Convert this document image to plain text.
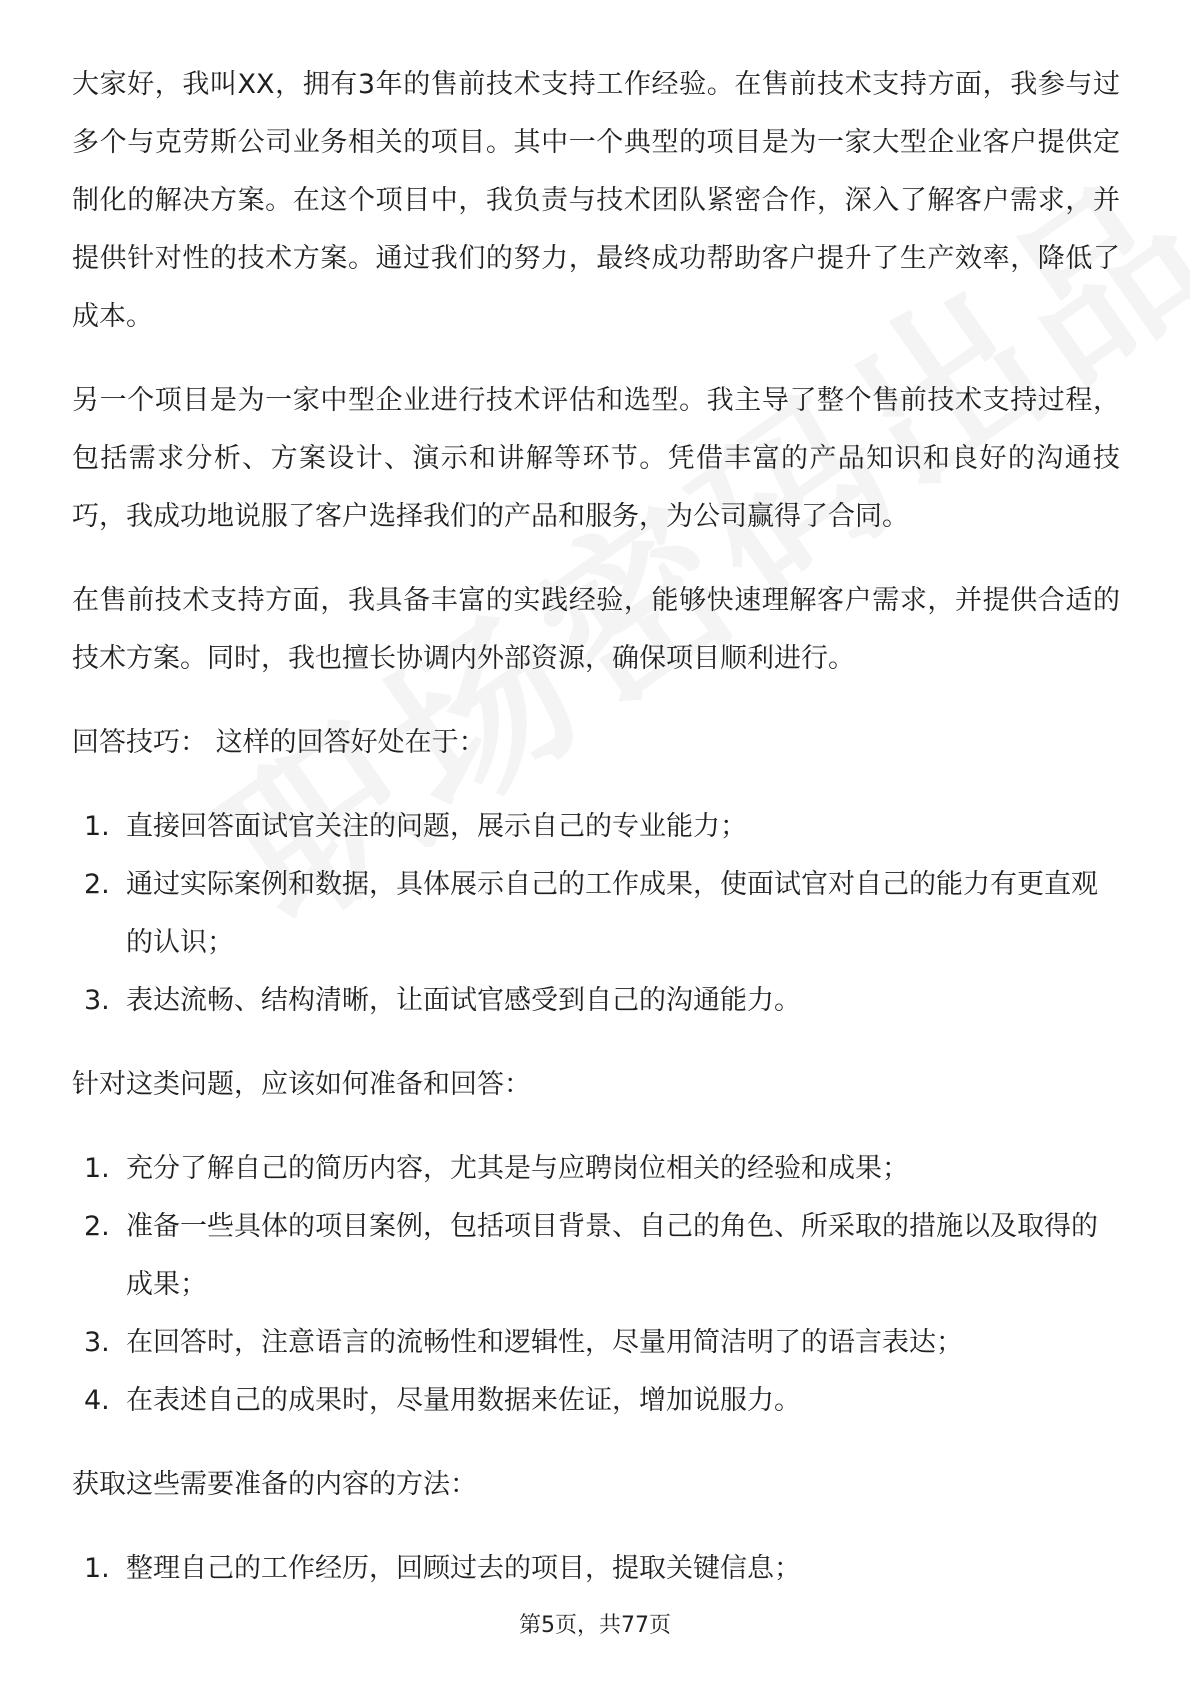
大家好，我叫XX，拥有3年的售前技术支持工作经验。在售前技术支持方面，我参与过多个与克劳斯公司业务相关的项目。其中一个典型的项目是为一家大型企业客户提供定制化的解决方案。在这个项目中，我负责与技术团队紧密合作，深入了解客户需求，并提供针对性的技术方案。通过我们的努力，最终成功帮助客户提升了生产效率，降低了成本。

另一个项目是为一家中型企业进行技术评估和选型。我主导了整个售前技术支持过程，包括需求分析、方案设计、演示和讲解等环节。凭借丰富的产品知识和良好的沟通技巧，我成功地说服了客户选择我们的产品和服务，为公司赢得了合同。

在售前技术支持方面，我具备丰富的实践经验，能够快速理解客户需求，并提供合适的技术方案。同时，我也擅长协调内外部资源，确保项目顺利进行。

回答技巧： 这样的回答好处在于：
1. 直接回答面试官关注的问题，展示自己的专业能力；
2. 通过实际案例和数据，具体展示自己的工作成果，使面试官对自己的能力有更直观的认识；
3. 表达流畅、结构清晰，让面试官感受到自己的沟通能力。
针对这类问题，应该如何准备和回答：
1. 充分了解自己的简历内容，尤其是与应聘岗位相关的经验和成果；
2. 准备一些具体的项目案例，包括项目背景、自己的角色、所采取的措施以及取得的成果；
3. 在回答时，注意语言的流畅性和逻辑性，尽量用简洁明了的语言表达；
4. 在表述自己的成果时，尽量用数据来佐证，增加说服力。
获取这些需要准备的内容的方法：
1. 整理自己的工作经历，回顾过去的项目，提取关键信息；
第5页，共77页
